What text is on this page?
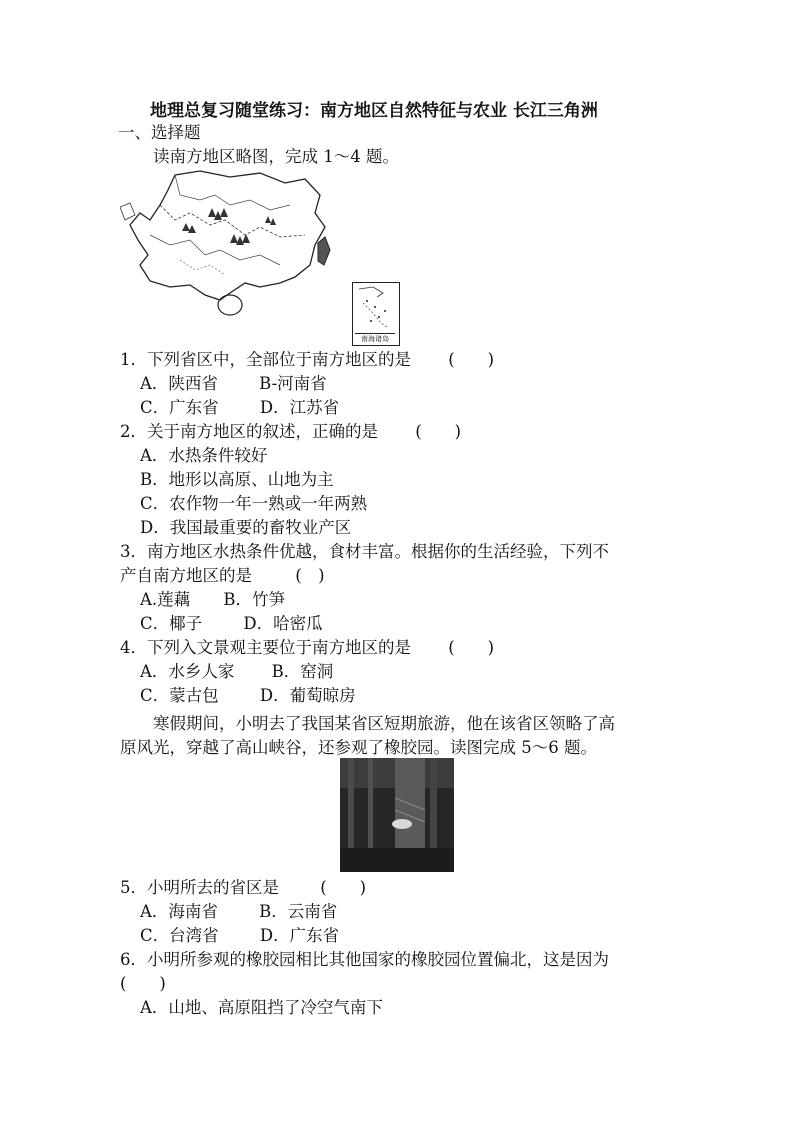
地理总复习随堂练习：南方地区自然特征与农业 长江三角洲
一、选择题
读南方地区略图，完成 1～4 题。
南海诸岛
1．下列省区中，全部位于南方地区的是 (　　)
A．陕西省	B-河南省
C．广东省	D．江苏省
2．关于南方地区的叙述，正确的是 (　　)
A．水热条件较好
B．地形以高原、山地为主
C．农作物一年一熟或一年两熟
D．我国最重要的畜牧业产区
3．南方地区水热条件优越，食材丰富。根据你的生活经验，下列不
产自南方地区的是	(　)
A.莲藕 B．竹笋
C．椰子	D．哈密瓜
4．下列入文景观主要位于南方地区的是 (　　)
A．水乡人家 B．窑洞
C．蒙古包	D．葡萄晾房
寒假期间，小明去了我国某省区短期旅游，他在该省区领略了高
原风光，穿越了高山峡谷，还参观了橡胶园。读图完成 5～6 题。
5．小明所去的省区是	(　　)
A．海南省	B．云南省
C．台湾省	D．广东省
6．小明所参观的橡胶园相比其他国家的橡胶园位置偏北，这是因为
(　　)
A．山地、高原阻挡了冷空气南下
